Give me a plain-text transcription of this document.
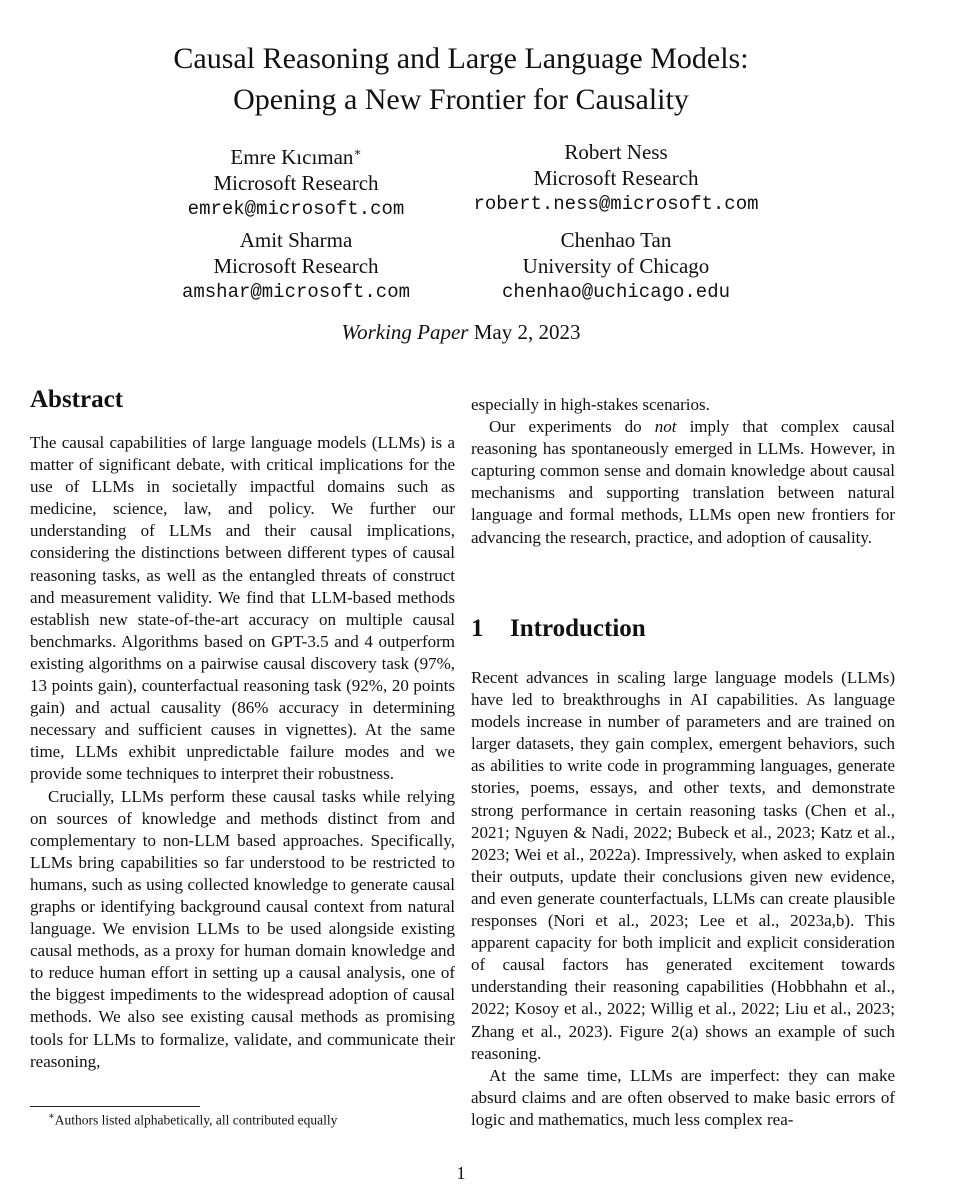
Causal Reasoning and Large Language Models:
Opening a New Frontier for Causality
Emre Kıcıman∗
Microsoft Research
emrek@microsoft.com
Robert Ness
Microsoft Research
robert.ness@microsoft.com
Amit Sharma
Microsoft Research
amshar@microsoft.com
Chenhao Tan
University of Chicago
chenhao@uchicago.edu
Working Paper May 2, 2023
Abstract

The causal capabilities of large language models (LLMs) is a matter of significant debate, with critical implications for the use of LLMs in societally impactful domains such as medicine, science, law, and policy. We further our understanding of LLMs and their causal implications, considering the distinctions between different types of causal reasoning tasks, as well as the entangled threats of construct and measurement validity. We find that LLM-based methods establish new state-of-the-art accuracy on multiple causal benchmarks. Algorithms based on GPT-3.5 and 4 outperform existing algorithms on a pairwise causal discovery task (97%, 13 points gain), counterfactual reasoning task (92%, 20 points gain) and actual causality (86% accuracy in determining necessary and sufficient causes in vignettes). At the same time, LLMs exhibit unpredictable failure modes and we provide some techniques to interpret their robustness.

Crucially, LLMs perform these causal tasks while relying on sources of knowledge and methods distinct from and complementary to non-LLM based approaches. Specifically, LLMs bring capabilities so far understood to be restricted to humans, such as using collected knowledge to generate causal graphs or identifying background causal context from natural language. We envision LLMs to be used alongside existing causal methods, as a proxy for human domain knowledge and to reduce human effort in setting up a causal analysis, one of the biggest impediments to the widespread adoption of causal methods. We also see existing causal methods as promising tools for LLMs to formalize, validate, and communicate their reasoning,

especially in high-stakes scenarios.

Our experiments do not imply that complex causal reasoning has spontaneously emerged in LLMs. However, in capturing common sense and domain knowledge about causal mechanisms and supporting translation between natural language and formal methods, LLMs open new frontiers for advancing the research, practice, and adoption of causality.

1 Introduction

Recent advances in scaling large language models (LLMs) have led to breakthroughs in AI capabilities. As language models increase in number of parameters and are trained on larger datasets, they gain complex, emergent behaviors, such as abilities to write code in programming languages, generate stories, poems, essays, and other texts, and demonstrate strong performance in certain reasoning tasks (Chen et al., 2021; Nguyen & Nadi, 2022; Bubeck et al., 2023; Katz et al., 2023; Wei et al., 2022a). Impressively, when asked to explain their outputs, update their conclusions given new evidence, and even generate counterfactuals, LLMs can create plausible responses (Nori et al., 2023; Lee et al., 2023a,b). This apparent capacity for both implicit and explicit consideration of causal factors has generated excitement towards understanding their reasoning capabilities (Hobbhahn et al., 2022; Kosoy et al., 2022; Willig et al., 2022; Liu et al., 2023; Zhang et al., 2023). Figure 2(a) shows an example of such reasoning.

At the same time, LLMs are imperfect: they can make absurd claims and are often observed to make basic errors of logic and mathematics, much less complex rea-

∗Authors listed alphabetically, all contributed equally
1
